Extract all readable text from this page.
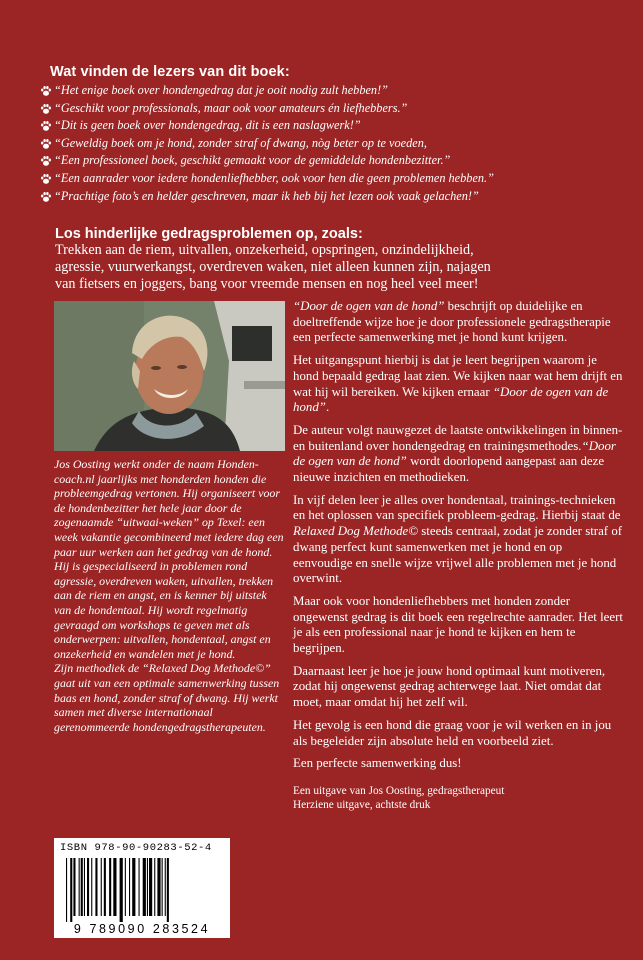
Wat vinden de lezers van dit boek:
“Het enige boek over hondengedrag dat je ooit nodig zult hebben!”
“Geschikt voor professionals, maar ook voor amateurs én liefhebbers.”
“Dit is geen boek over hondengedrag, dit is een naslagwerk!”
“Geweldig boek om je hond, zonder straf of dwang, nòg beter op te voeden,
“Een professioneel boek, geschikt gemaakt voor de gemiddelde hondenbezitter.”
“Een aanrader voor iedere hondenliefhebber, ook voor hen die geen problemen hebben.”
“Prachtige foto’s en helder geschreven, maar ik heb bij het lezen ook vaak gelachen!”
Los hinderlijke gedragsproblemen op, zoals:

Trekken aan de riem, uitvallen, onzekerheid, opspringen, onzindelijkheid,

agressie, vuurwerkangst, overdreven waken, niet alleen kunnen zijn, najagen

van fietsers en joggers, bang voor vreemde mensen en nog heel veel meer!

Jos Oosting werkt onder de naam Honden-coach.nl jaarlijks met honderden honden die probleemgedrag vertonen. Hij organiseert voor de hondenbezitter het hele jaar door de zogenaamde “uitwaai-weken” op Texel: een week vakantie gecombineerd met iedere dag een paar uur werken aan het gedrag van de hond.

Hij is gespecialiseerd in problemen rond agressie, overdreven waken, uitvallen, trekken aan de riem en angst, en is kenner bij uitstek van de hondentaal. Hij wordt regelmatig gevraagd om workshops te geven met als onderwerpen: uitvallen, hondentaal, angst en onzekerheid en wandelen met je hond.

Zijn methodiek de “Relaxed Dog Methode©” gaat uit van een optimale samenwerking tussen baas en hond, zonder straf of dwang. Hij werkt samen met diverse internationaal gerenommeerde hondengedragstherapeuten.

“Door de ogen van de hond” beschrijft op duidelijke en doeltreffende wijze hoe je door professionele gedragstherapie een perfecte samenwerking met je hond kunt krijgen.

Het uitgangspunt hierbij is dat je leert begrijpen waarom je hond bepaald gedrag laat zien. We kijken naar wat hem drijft en wat hij wil bereiken. We kijken ernaar “Door de ogen van de hond”.

De auteur volgt nauwgezet de laatste ontwikkelingen in binnen- en buitenland over hondengedrag en trainingsmethodes.“Door de ogen van de hond” wordt doorlopend aangepast aan deze nieuwe inzichten en methodieken.

In vijf delen leer je alles over hondentaal, trainings-technieken en het oplossen van specifiek probleem-gedrag. Hierbij staat de Relaxed Dog Methode© steeds centraal, zodat je zonder straf of dwang perfect kunt samenwerken met je hond en op eenvoudige en snelle wijze vrijwel alle problemen met je hond overwint.

Maar ook voor hondenliefhebbers met honden zonder ongewenst gedrag is dit boek een regelrechte aanrader. Het leert je als een professional naar je hond te kijken en hem te begrijpen.

Daarnaast leer je hoe je jouw hond optimaal kunt motiveren, zodat hij ongewenst gedrag achterwege laat. Niet omdat dat moet, maar omdat hij het zelf wil.

Het gevolg is een hond die graag voor je wil werken en in jou als begeleider zijn absolute held en voorbeeld ziet.

Een perfecte samenwerking dus!

Een uitgave van Jos Oosting, gedragstherapeut
Herziene uitgave, achtste druk
ISBN 978-90-90283-52-4
9 789090 283524
